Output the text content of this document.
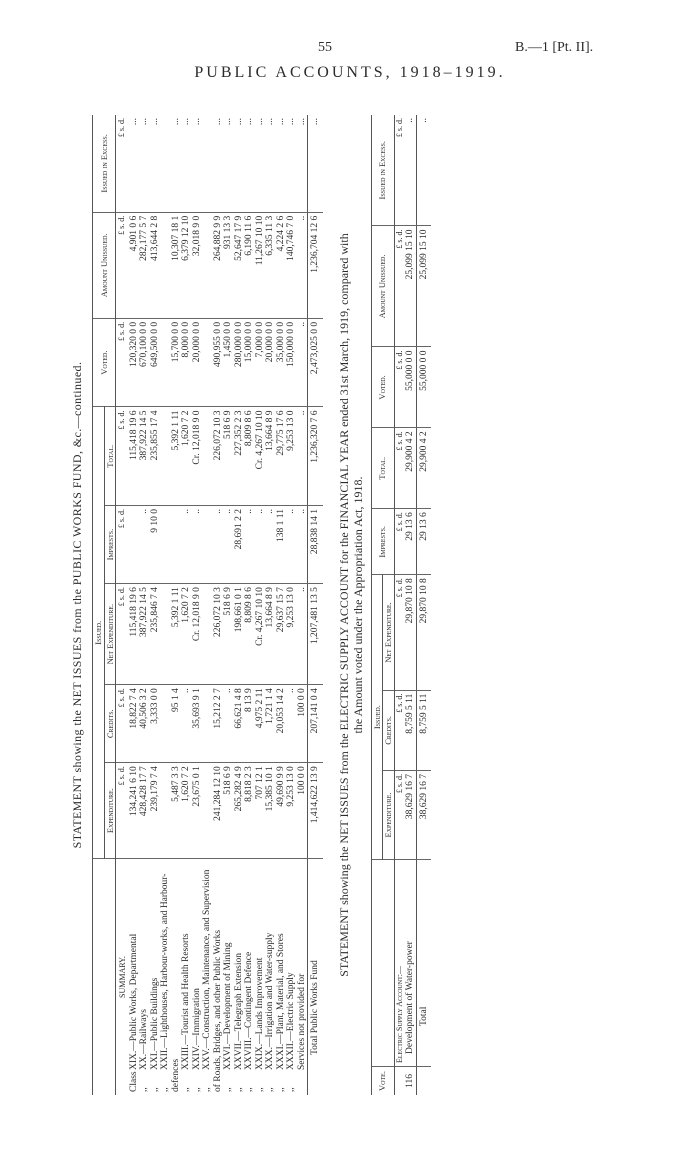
55	B.—1 [Pt. II].
PUBLIC ACCOUNTS, 1918–1919.
STATEMENT showing the NET ISSUES from the PUBLIC WORKS FUND, &c.—continued.
	Issued.					Voted.	Amount Unissued.	Issued in Excess.
	Expenditure.	Credits.	Net Expenditure.	Imprests.	Total.			
SUMMARY.	£ s. d.	£ s. d.	£ s. d.	£ s. d.	£ s. d.	£ s. d.	£ s. d.	£ s. d.
ClassXIX.—Public Works, Departmental	134,241 6 10	18,822 7 4	115,418 19 6		115,418 19 6	120,320 0 0	4,901 0 6	...
,,XX.—Railways	428,428 17 7	40,506 3 2	387,922 14 5	..	387,922 14 5	670,100 0 0	282,177 5 7	...
,,XXI.—Public Buildings	239,179 7 4	3,333 0 0	235,846 7 4	9 10 0	235,855 17 4	649,500 0 0	413,644 2 8	...
,,XXII.—Lighthouses, Harbour-works, and Harbour-defences	5,487 3 3	95 1 4	5,392 1 11		5,392 1 11	15,700 0 0	10,307 18 1	...
,,XXIII.—Tourist and Health Resorts	1,620 7 2	..	1,620 7 2	..	1,620 7 2	8,000 0 0	6,379 12 10	...
,,XXIV.—Immigration	23,675 0 1	35,693 9 1	Cr. 12,018 9 0	..	Cr. 12,018 9 0	20,000 0 0	32,018 9 0	...
,,XXV.—Construction, Maintenance, and Supervision of Roads, Bridges, and other Public Works	241,284 12 10	15,212 2 7	226,072 10 3	..	226,072 10 3	490,955 0 0	264,882 9 9	...
,,XXVI.—Development of Mining	518 6 9	..	518 6 9	..	518 6 9	1,450 0 0	931 13 3	...
,,XXVII.—Telegraph Extension	265,282 4 9	66,621 4 8	198,661 0 1	28,691 2 2	227,352 2 3	280,000 0 0	52,647 17 9	...
,,XXVIII.—Contingent Defence	8,818 2 3	8 13 9	8,809 8 6	..	8,809 8 6	15,000 0 0	6,190 11 6	...
,,XXIX.—Lands Improvement	707 12 1	4,975 2 11	Cr. 4,267 10 10	..	Cr. 4,267 10 10	7,000 0 0	11,267 10 10	...
,,XXX.—Irrigation and Water-supply	15,385 10 1	1,721 1 4	13,664 8 9	..	13,664 8 9	20,000 0 0	6,335 11 3	...
,,XXXI.—Plant, Material, and Stores	49,690 9 9	20,053 14 2	29,637 15 7	138 1 11	29,775 17 6	35,000 0 0	4,224 2 6	...
,,XXXII.—Electric Supply	9,253 13 0	..	9,253 13 0	..	9,253 13 0	150,000 0 0	140,746 7 0	...
Services not provided for	100 0 0	100 0 0	..	..	..	..	..	...
Total Public Works Fund	1,414,622 13 9	207,141 0 4	1,207,481 13 5	28,838 14 1	1,236,320 7 6	2,473,025 0 0	1,236,704 12 6	...

STATEMENT showing the NET ISSUES from the ELECTRIC SUPPLY ACCOUNT for the FINANCIAL YEAR ended 31st March, 1919, compared with the Amount voted under the Appropriation Act, 1918.

Vote.		Issued.			Imprests.	Total.	Voted.	Amount Unissued.	Issued in Excess.
		Expenditure.	Credits.	Net Expenditure.					
	Electric Supply Account:—	£ s. d.	£ s. d.	£ s. d.	£ s. d.	£ s. d.	£ s. d.	£ s. d.	£ s. d.
116	Development of Water-power	38,629 16 7	8,759 5 11	29,870 10 8	29 13 6	29,900 4 2	55,000 0 0	25,099 15 10	..
	Total	38,629 16 7	8,759 5 11	29,870 10 8	29 13 6	29,900 4 2	55,000 0 0	25,099 15 10	..
